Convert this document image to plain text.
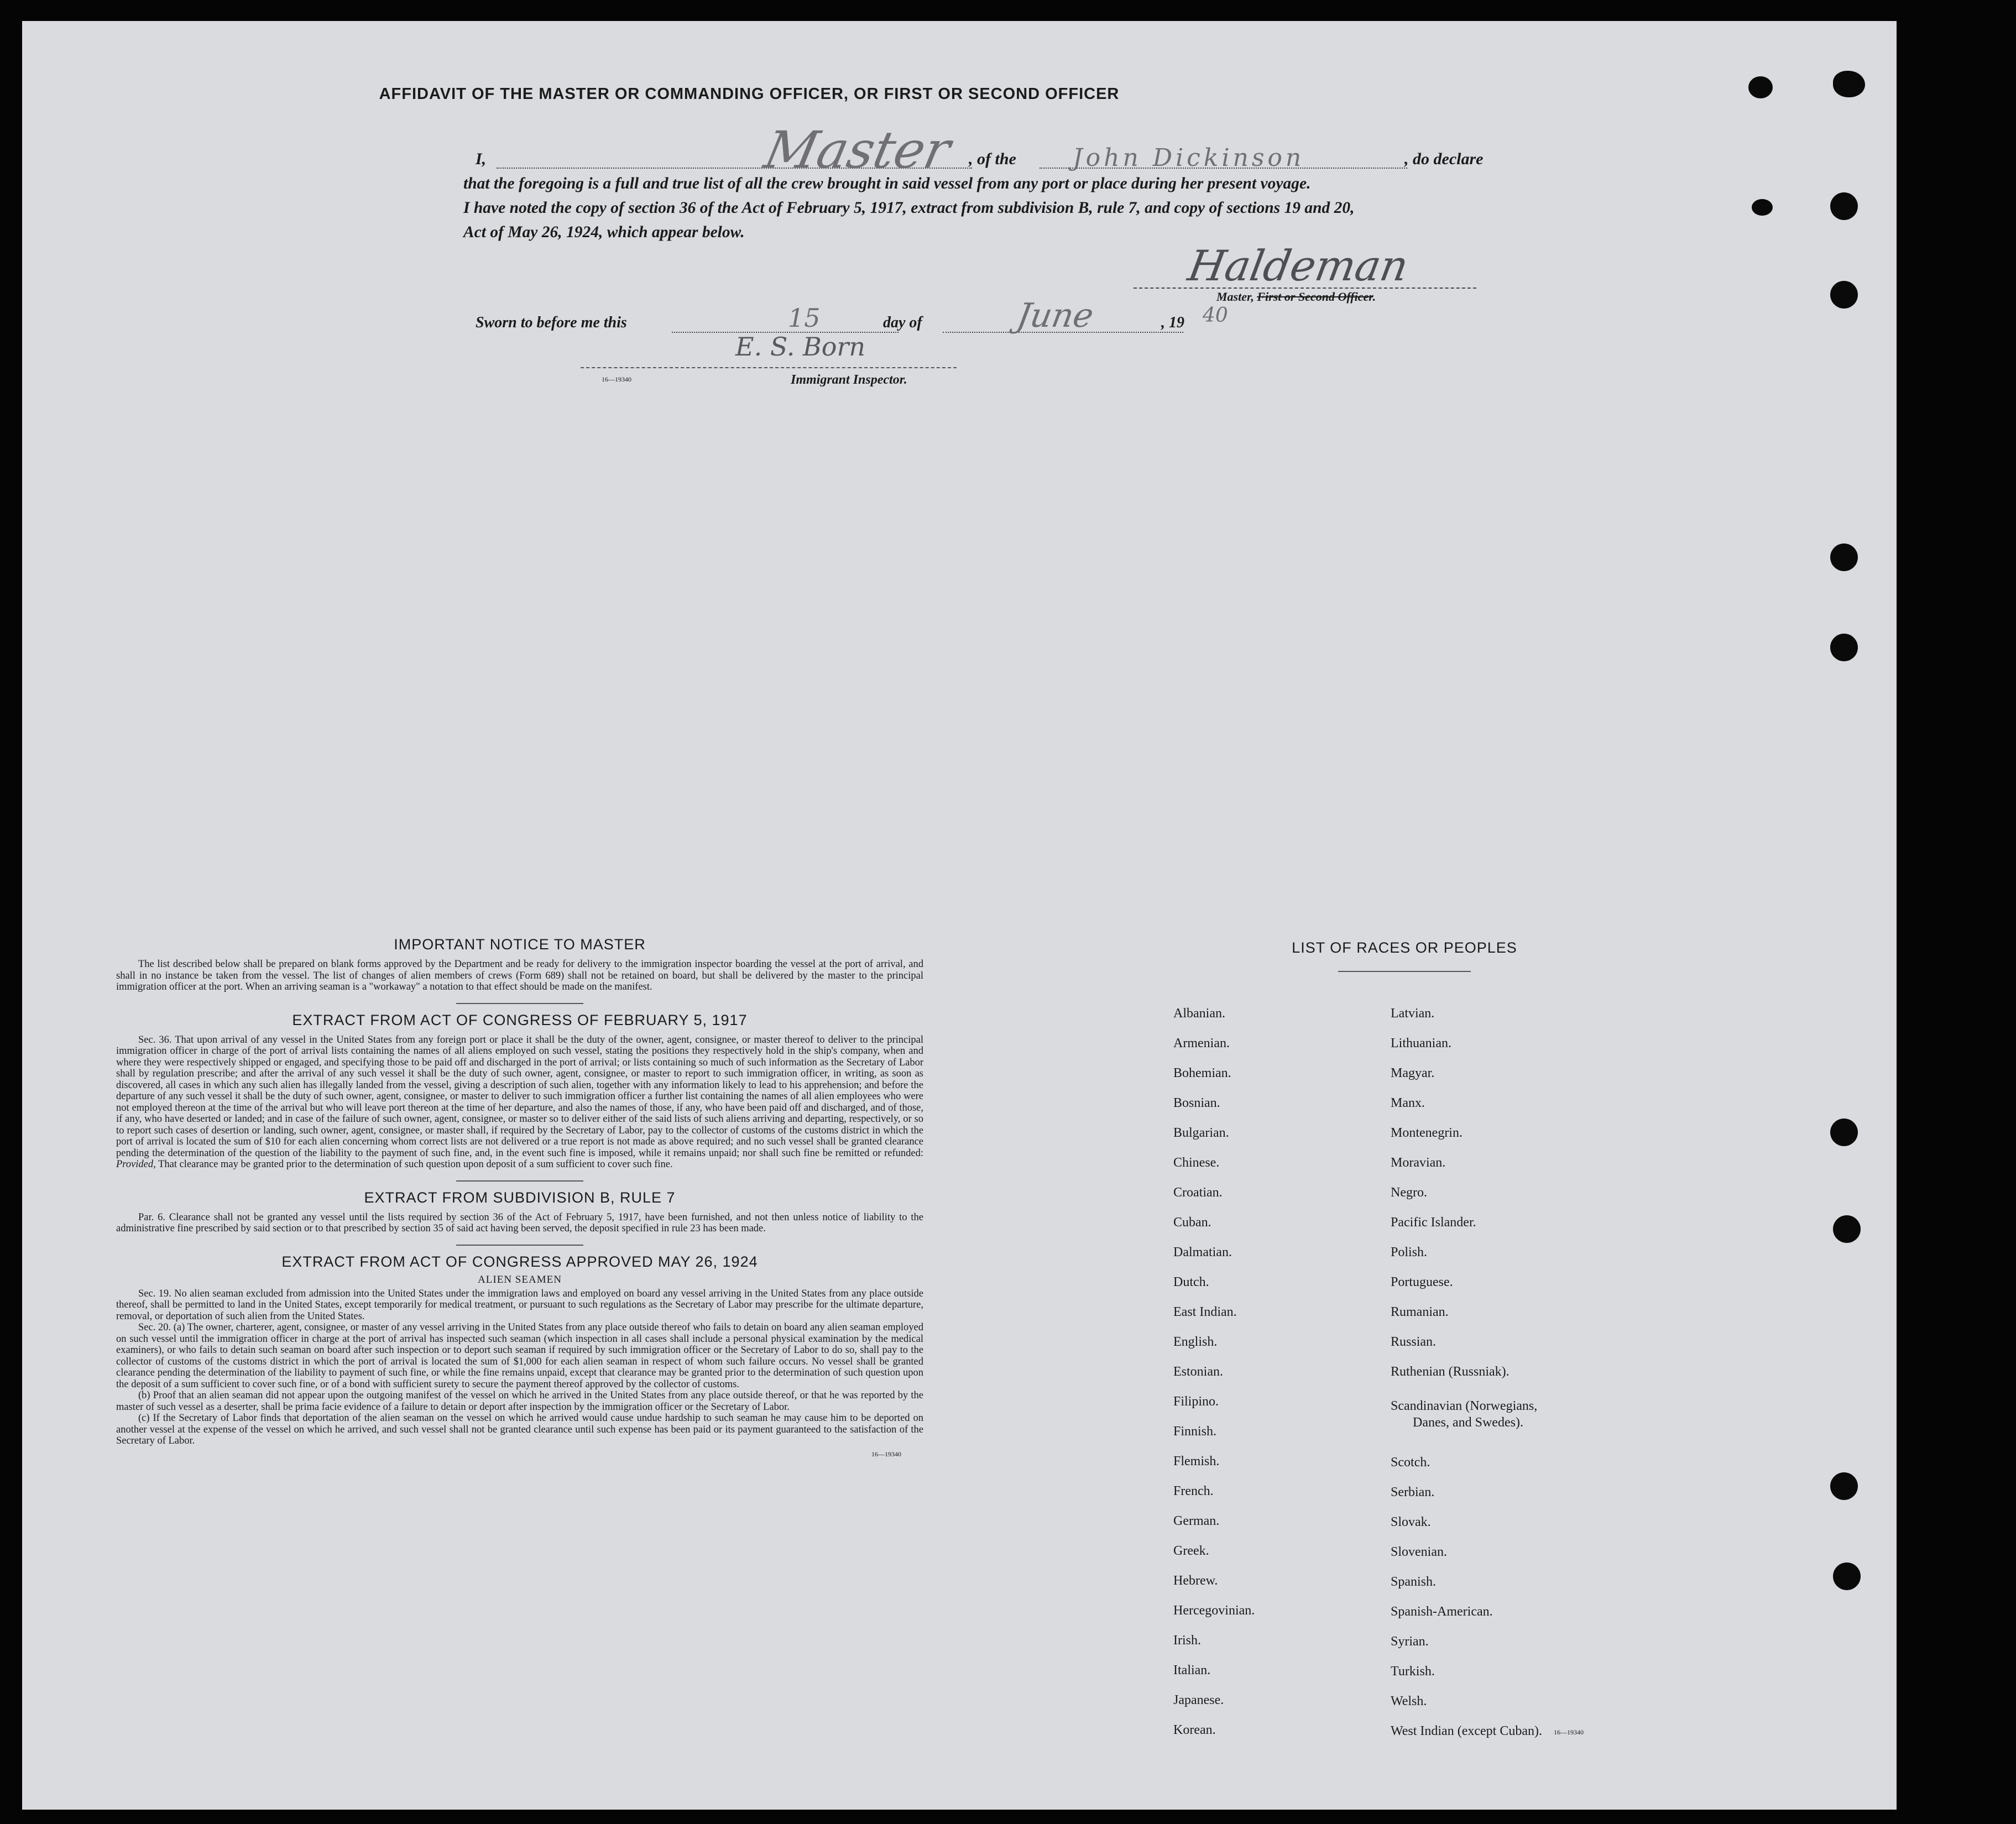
AFFIDAVIT OF THE MASTER OR COMMANDING OFFICER, OR FIRST OR SECOND OFFICER
I,	Master , of the John Dickinson	, do declare
that the foregoing is a full and true list of all the crew brought in said vessel from any port or place during her present voyage.
I have noted the copy of section 36 of the Act of February 5, 1917, extract from subdivision B, rule 7, and copy of sections 19 and 20,
Act of May 26, 1924, which appear below.
Haldeman
Master, First or Second Officer.
Sworn to before me this	15	day of	June	, 19 40
E. S. Born
16—19340	Immigrant Inspector.
IMPORTANT NOTICE TO MASTER

The list described below shall be prepared on blank forms approved by the Department and be ready for delivery to the immigration inspector boarding the vessel at the port of arrival, and shall in no instance be taken from the vessel. The list of changes of alien members of crews (Form 689) shall not be retained on board, but shall be delivered by the master to the principal immigration officer at the port. When an arriving seaman is a "workaway" a notation to that effect should be made on the manifest.

EXTRACT FROM ACT OF CONGRESS OF FEBRUARY 5, 1917

Sec. 36. That upon arrival of any vessel in the United States from any foreign port or place it shall be the duty of the owner, agent, consignee, or master thereof to deliver to the principal immigration officer in charge of the port of arrival lists containing the names of all aliens employed on such vessel, stating the positions they respectively hold in the ship's company, when and where they were respectively shipped or engaged, and specifying those to be paid off and discharged in the port of arrival; or lists containing so much of such information as the Secretary of Labor shall by regulation prescribe; and after the arrival of any such vessel it shall be the duty of such owner, agent, consignee, or master to report to such immigration officer, in writing, as soon as discovered, all cases in which any such alien has illegally landed from the vessel, giving a description of such alien, together with any information likely to lead to his apprehension; and before the departure of any such vessel it shall be the duty of such owner, agent, consignee, or master to deliver to such immigration officer a further list containing the names of all alien employees who were not employed thereon at the time of the arrival but who will leave port thereon at the time of her departure, and also the names of those, if any, who have been paid off and discharged, and of those, if any, who have deserted or landed; and in case of the failure of such owner, agent, consignee, or master so to deliver either of the said lists of such aliens arriving and departing, respectively, or so to report such cases of desertion or landing, such owner, agent, consignee, or master shall, if required by the Secretary of Labor, pay to the collector of customs of the customs district in which the port of arrival is located the sum of $10 for each alien concerning whom correct lists are not delivered or a true report is not made as above required; and no such vessel shall be granted clearance pending the determination of the question of the liability to the payment of such fine, and, in the event such fine is imposed, while it remains unpaid; nor shall such fine be remitted or refunded: Provided, That clearance may be granted prior to the determination of such question upon deposit of a sum sufficient to cover such fine.

EXTRACT FROM SUBDIVISION B, RULE 7

Par. 6. Clearance shall not be granted any vessel until the lists required by section 36 of the Act of February 5, 1917, have been furnished, and not then unless notice of liability to the administrative fine prescribed by said section or to that prescribed by section 35 of said act having been served, the deposit specified in rule 23 has been made.

EXTRACT FROM ACT OF CONGRESS APPROVED MAY 26, 1924
ALIEN SEAMEN

Sec. 19. No alien seaman excluded from admission into the United States under the immigration laws and employed on board any vessel arriving in the United States from any place outside thereof, shall be permitted to land in the United States, except temporarily for medical treatment, or pursuant to such regulations as the Secretary of Labor may prescribe for the ultimate departure, removal, or deportation of such alien from the United States.

Sec. 20. (a) The owner, charterer, agent, consignee, or master of any vessel arriving in the United States from any place outside thereof who fails to detain on board any alien seaman employed on such vessel until the immigration officer in charge at the port of arrival has inspected such seaman (which inspection in all cases shall include a personal physical examination by the medical examiners), or who fails to detain such seaman on board after such inspection or to deport such seaman if required by such immigration officer or the Secretary of Labor to do so, shall pay to the collector of customs of the customs district in which the port of arrival is located the sum of $1,000 for each alien seaman in respect of whom such failure occurs. No vessel shall be granted clearance pending the determination of the liability to payment of such fine, or while the fine remains unpaid, except that clearance may be granted prior to the determination of such question upon the deposit of a sum sufficient to cover such fine, or of a bond with sufficient surety to secure the payment thereof approved by the collector of customs.

(b) Proof that an alien seaman did not appear upon the outgoing manifest of the vessel on which he arrived in the United States from any place outside thereof, or that he was reported by the master of such vessel as a deserter, shall be prima facie evidence of a failure to detain or deport after inspection by the immigration officer or the Secretary of Labor.

(c) If the Secretary of Labor finds that deportation of the alien seaman on the vessel on which he arrived would cause undue hardship to such seaman he may cause him to be deported on another vessel at the expense of the vessel on which he arrived, and such vessel shall not be granted clearance until such expense has been paid or its payment guaranteed to the satisfaction of the Secretary of Labor.

16—19340
LIST OF RACES OR PEOPLES
16—19340
Albanian.
Armenian.
Bohemian.
Bosnian.
Bulgarian.
Chinese.
Croatian.
Cuban.
Dalmatian.
Dutch.
East Indian.
English.
Estonian.
Filipino.
Finnish.
Flemish.
French.
German.
Greek.
Hebrew.
Hercegovinian.
Irish.
Italian.
Japanese.
Korean.
Latvian.
Lithuanian.
Magyar.
Manx.
Montenegrin.
Moravian.
Negro.
Pacific Islander.
Polish.
Portuguese.
Rumanian.
Russian.
Ruthenian (Russniak).
Scandinavian (Norwegians,
Danes, and Swedes).
Scotch.
Serbian.
Slovak.
Slovenian.
Spanish.
Spanish-American.
Syrian.
Turkish.
Welsh.
West Indian (except Cuban).
